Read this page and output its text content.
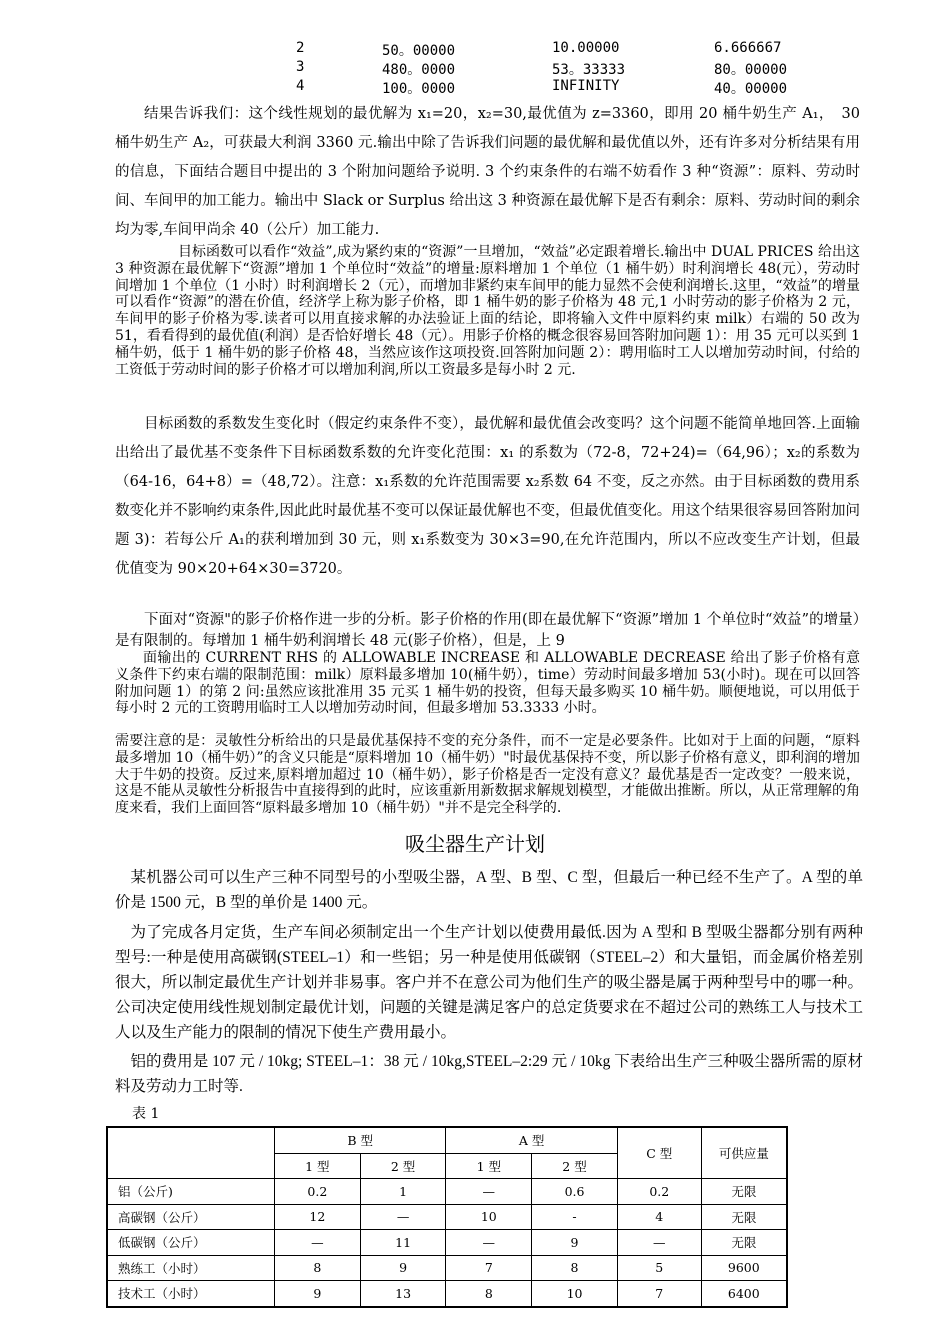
2	50。00000	10.00000	6.666667
3	480。0000	53。33333	80。00000
4	100。0000	INFINITY	40。00000

结果告诉我们：这个线性规划的最优解为 x₁=20，x₂=30,最优值为 z=3360，即用 20 桶牛奶生产 A₁，　30 桶牛奶生产 A₂，可获最大利润 3360 元.输出中除了告诉我们问题的最优解和最优值以外，还有许多对分析结果有用的信息，下面结合题目中提出的 3 个附加问题给予说明. 3 个约束条件的右端不妨看作 3 种“资源”：原料、劳动时间、车间甲的加工能力。输出中 Slack or Surplus 给出这 3 种资源在最优解下是否有剩余：原料、劳动时间的剩余均为零,车间甲尚余 40（公斤）加工能力.

目标函数可以看作“效益”,成为紧约束的“资源”一旦增加，“效益”必定跟着增长.输出中 DUAL PRICES 给出这 3 种资源在最优解下“资源”增加 1 个单位时“效益”的增量:原料增加 1 个单位（1 桶牛奶）时利润增长 48(元），劳动时间增加 1 个单位（1 小时）时利润增长 2（元），而增加非紧约束车间甲的能力显然不会使利润增长.这里，“效益”的增量可以看作“资源”的潜在价值，经济学上称为影子价格，即 1 桶牛奶的影子价格为 48 元,1 小时劳动的影子价格为 2 元，车间甲的影子价格为零.读者可以用直接求解的办法验证上面的结论，即将输入文件中原料约束 milk）右端的 50 改为 51，看看得到的最优值(利润）是否恰好增长 48（元）。用影子价格的概念很容易回答附加问题 1）：用 35 元可以买到 1 桶牛奶，低于 1 桶牛奶的影子价格 48，当然应该作这项投资.回答附加问题 2）：聘用临时工人以增加劳动时间，付给的工资低于劳动时间的影子价格才可以增加利润,所以工资最多是每小时 2 元.

目标函数的系数发生变化时（假定约束条件不变），最优解和最优值会改变吗？这个问题不能简单地回答.上面输出给出了最优基不变条件下目标函数系数的允许变化范围：x₁ 的系数为（72-8，72+24)=（64,96）；x₂的系数为（64-16，64+8）=（48,72）。注意：x₁系数的允许范围需要 x₂系数 64 不变，反之亦然。由于目标函数的费用系数变化并不影响约束条件,因此此时最优基不变可以保证最优解也不变，但最优值变化。用这个结果很容易回答附加问题 3)：若每公斤 A₁的获利增加到 30 元，则 x₁系数变为 30×3=90,在允许范围内，所以不应改变生产计划，但最优值变为 90×20+64×30=3720。

下面对“资源"的影子价格作进一步的分析。影子价格的作用(即在最优解下“资源”增加 1 个单位时“效益”的增量）是有限制的。每增加 1 桶牛奶利润增长 48 元(影子价格），但是，上 9

面输出的 CURRENT RHS 的 ALLOWABLE INCREASE 和 ALLOWABLE DECREASE 给出了影子价格有意义条件下约束右端的限制范围：milk）原料最多增加 10(桶牛奶），time）劳动时间最多增加 53(小时)。现在可以回答附加问题 1）的第 2 问:虽然应该批准用 35 元买 1 桶牛奶的投资，但每天最多购买 10 桶牛奶。顺便地说，可以用低于每小时 2 元的工资聘用临时工人以增加劳动时间，但最多增加 53.3333 小时。

需要注意的是：灵敏性分析给出的只是最优基保持不变的充分条件，而不一定是必要条件。比如对于上面的问题，“原料最多增加 10（桶牛奶）”的含义只能是“原料增加 10（桶牛奶）"时最优基保持不变，所以影子价格有意义，即利润的增加大于牛奶的投资。反过来,原料增加超过 10（桶牛奶），影子价格是否一定没有意义？最优基是否一定改变？一般来说，这是不能从灵敏性分析报告中直接得到的此时，应该重新用新数据求解规划模型，才能做出推断。所以，从正常理解的角度来看，我们上面回答“原料最多增加 10（桶牛奶）"并不是完全科学的.

吸尘器生产计划

某机器公司可以生产三种不同型号的小型吸尘器，A 型、B 型、C 型，但最后一种已经不生产了。A 型的单价是 1500 元，B 型的单价是 1400 元。

为了完成各月定货，生产车间必须制定出一个生产计划以使费用最低.因为 A 型和 B 型吸尘器都分别有两种型号:一种是使用高碳钢(STEEL–1）和一些铝；另一种是使用低碳钢（STEEL–2）和大量铝，而金属价格差别很大，所以制定最优生产计划并非易事。客户并不在意公司为他们生产的吸尘器是属于两种型号中的哪一种。公司决定使用线性规划制定最优计划，问题的关键是满足客户的总定货要求在不超过公司的熟练工人与技术工人以及生产能力的限制的情况下使生产费用最小。

铝的费用是 107 元 / 10kg; STEEL–1：38 元 / 10kg,STEEL–2:29 元 / 10kg 下表给出生产三种吸尘器所需的原材料及劳动力工时等.

表 1
	B 型		A 型		C 型	可供应量
	1 型	2 型	1 型	2 型		
铝（公斤)	0.2	1	—	0.6	0.2	无限
高碳钢（公斤）	12	—	10	-	4	无限
低碳钢（公斤）	—	11	—	9	—	无限
熟练工（小时）	8	9	7	8	5	9600
技术工（小时）	9	13	8	10	7	6400
